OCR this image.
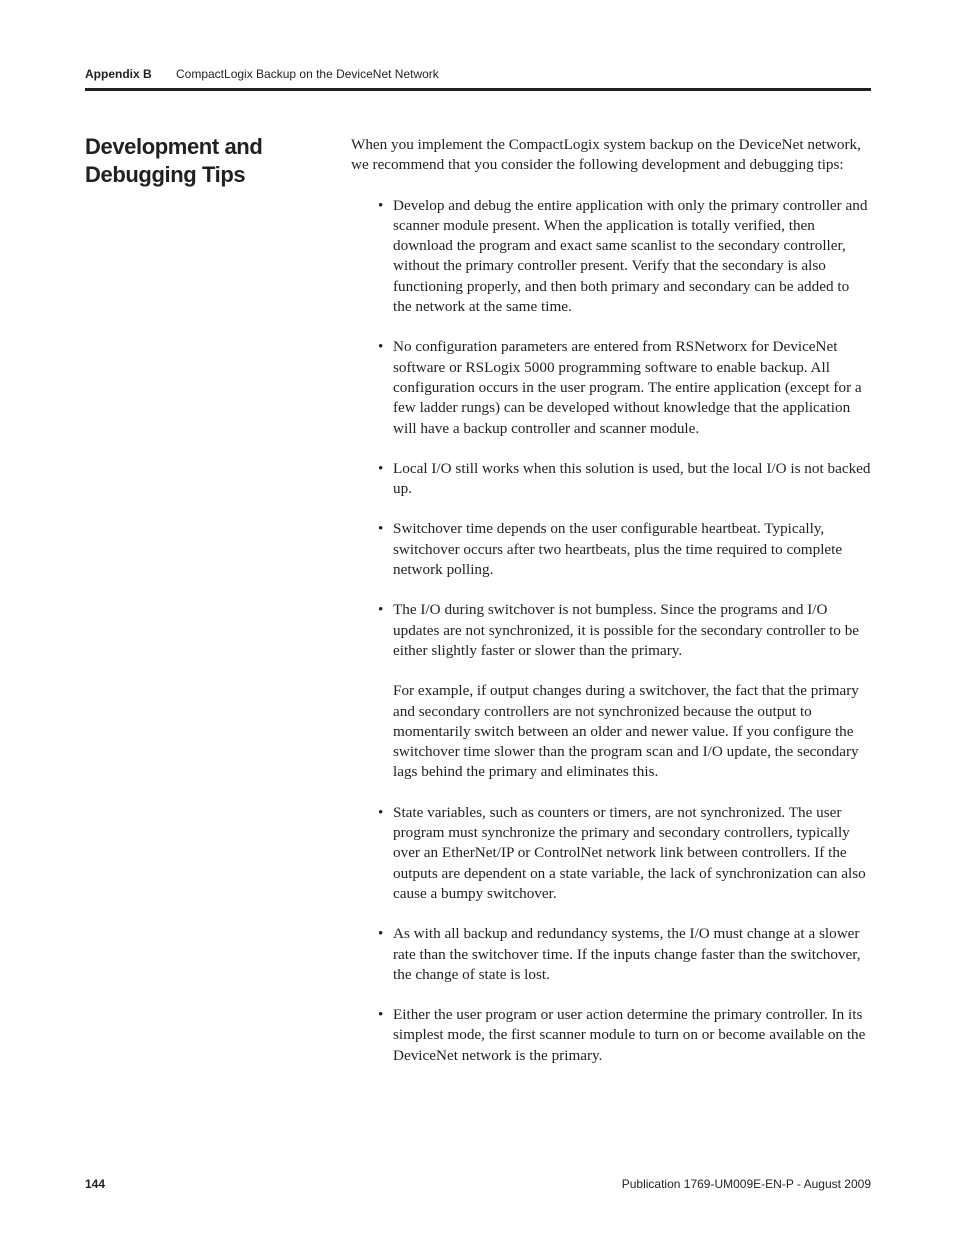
Appendix B CompactLogix Backup on the DeviceNet Network
Development and
Debugging Tips

When you implement the CompactLogix system backup on the DeviceNet network, we recommend that you consider the following development and debugging tips:

• Develop and debug the entire application with only the primary controller and scanner module present. When the application is totally verified, then download the program and exact same scanlist to the secondary controller, without the primary controller present. Verify that the secondary is also functioning properly, and then both primary and secondary can be added to the network at the same time.
• No configuration parameters are entered from RSNetworx for DeviceNet software or RSLogix 5000 programming software to enable backup. All configuration occurs in the user program. The entire application (except for a few ladder rungs) can be developed without knowledge that the application will have a backup controller and scanner module.
• Local I/O still works when this solution is used, but the local I/O is not backed up.
• Switchover time depends on the user configurable heartbeat. Typically, switchover occurs after two heartbeats, plus the time required to complete network polling.
• The I/O during switchover is not bumpless. Since the programs and I/O updates are not synchronized, it is possible for the secondary controller to be either slightly faster or slower than the primary.

For example, if output changes during a switchover, the fact that the primary and secondary controllers are not synchronized because the output to momentarily switch between an older and newer value. If you configure the switchover time slower than the program scan and I/O update, the secondary lags behind the primary and eliminates this.

• State variables, such as counters or timers, are not synchronized. The user program must synchronize the primary and secondary controllers, typically over an EtherNet/IP or ControlNet network link between controllers. If the outputs are dependent on a state variable, the lack of synchronization can also cause a bumpy switchover.
• As with all backup and redundancy systems, the I/O must change at a slower rate than the switchover time. If the inputs change faster than the switchover, the change of state is lost.
• Either the user program or user action determine the primary controller. In its simplest mode, the first scanner module to turn on or become available on the DeviceNet network is the primary.
144	Publication 1769-UM009E-EN-P - August 2009
